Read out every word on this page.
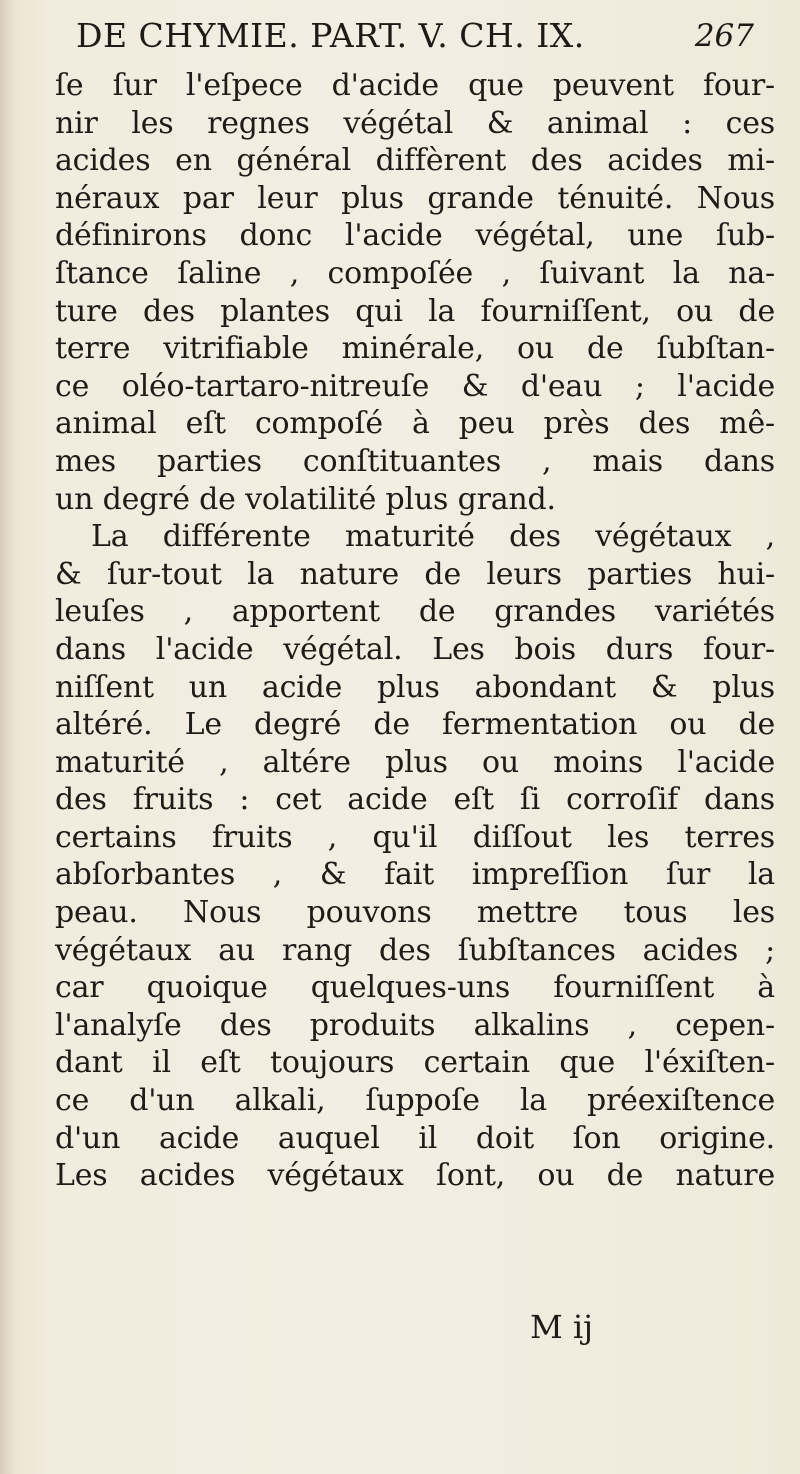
DE CHYMIE. PART. V. CH. IX.	267
ſe ſur l'eſpece d'acide que peuvent four-
nir les regnes végétal & animal : ces
acides en général diffèrent des acides mi-
néraux par leur plus grande ténuité. Nous
définirons donc l'acide végétal, une ſub-
ſtance ſaline , compoſée , ſuivant la na-
ture des plantes qui la fourniſſent, ou de
terre vitrifiable minérale, ou de ſubſtan-
ce oléo-tartaro-nitreuſe & d'eau ; l'acide
animal eſt compoſé à peu près des mê-
mes parties conſtituantes , mais dans
un degré de volatilité plus grand.
La différente maturité des végétaux ,
& ſur-tout la nature de leurs parties hui-
leuſes , apportent de grandes variétés
dans l'acide végétal. Les bois durs four-
niſſent un acide plus abondant & plus
altéré. Le degré de fermentation ou de
maturité , altére plus ou moins l'acide
des fruits : cet acide eſt ſi corroſif dans
certains fruits , qu'il diſſout les terres
abſorbantes , & fait impreſſion ſur la
peau. Nous pouvons mettre tous les
végétaux au rang des ſubſtances acides ;
car quoique quelques-uns fourniſſent à
l'analyſe des produits alkalins , cepen-
dant il eſt toujours certain que l'éxiſten-
ce d'un alkali, ſuppoſe la préexiſtence
d'un acide auquel il doit ſon origine.
Les acides végétaux ſont, ou de nature
M ij
